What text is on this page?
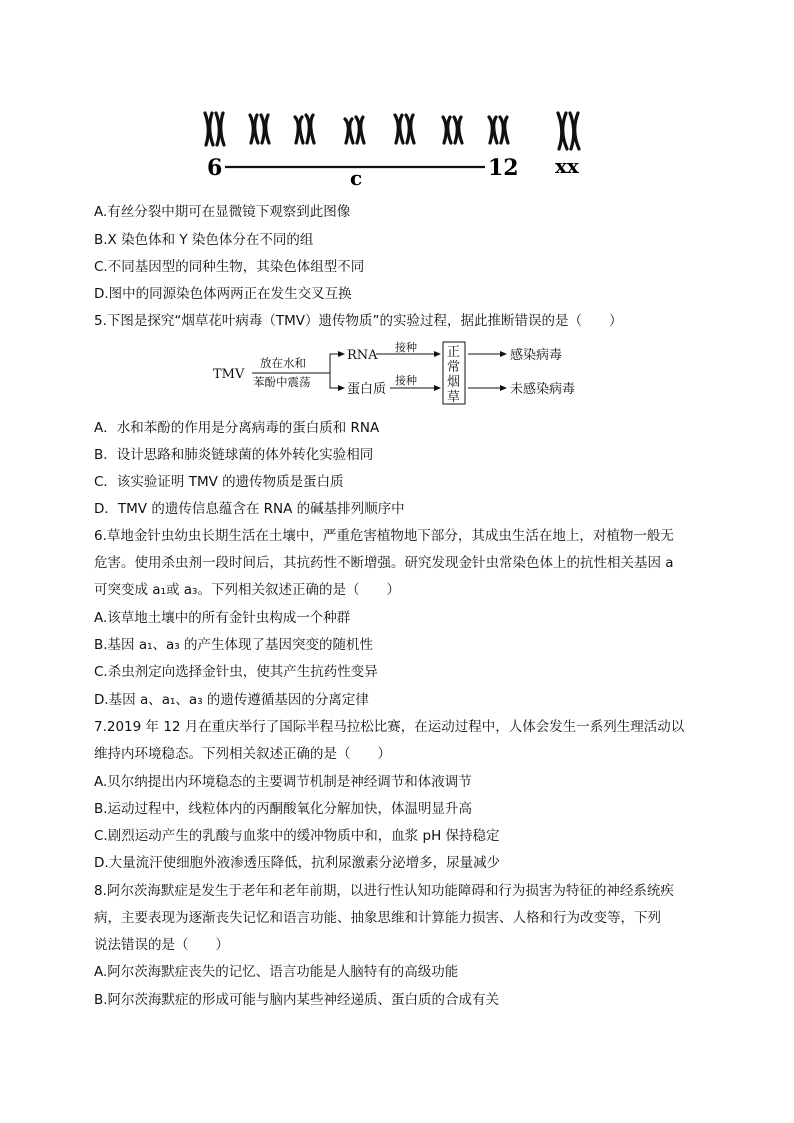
6	12
c	xx
A.有丝分裂中期可在显微镜下观察到此图像
B.X 染色体和 Y 染色体分在不同的组
C.不同基因型的同种生物，其染色体组型不同
D.图中的同源染色体两两正在发生交叉互换
5.下图是探究“烟草花叶病毒（TMV）遗传物质”的实验过程，据此推断错误的是（　　）
TMV
放在水和
苯酚中震荡
RNA
蛋白质
接种
接种
感染病毒
未感染病毒
正
常
烟
草
A．水和苯酚的作用是分离病毒的蛋白质和 RNA
B．设计思路和肺炎链球菌的体外转化实验相同
C．该实验证明 TMV 的遗传物质是蛋白质
D．TMV 的遗传信息蕴含在 RNA 的碱基排列顺序中
6.草地金针虫幼虫长期生活在土壤中，严重危害植物地下部分，其成虫生活在地上，对植物一般无
危害。使用杀虫剂一段时间后，其抗药性不断增强。研究发现金针虫常染色体上的抗性相关基因 a
可突变成 a₁或 a₃。下列相关叙述正确的是（　　）
A.该草地土壤中的所有金针虫构成一个种群
B.基因 a₁、a₃ 的产生体现了基因突变的随机性
C.杀虫剂定向选择金针虫，使其产生抗药性变异
D.基因 a、a₁、a₃ 的遗传遵循基因的分离定律
7.2019 年 12 月在重庆举行了国际半程马拉松比赛，在运动过程中，人体会发生一系列生理活动以
维持内环境稳态。下列相关叙述正确的是（　　）
A.贝尔纳提出内环境稳态的主要调节机制是神经调节和体液调节
B.运动过程中，线粒体内的丙酮酸氧化分解加快，体温明显升高
C.剧烈运动产生的乳酸与血浆中的缓冲物质中和，血浆 pH 保持稳定
D.大量流汗使细胞外液渗透压降低，抗利尿激素分泌增多，尿量减少
8.阿尔茨海默症是发生于老年和老年前期，以进行性认知功能障碍和行为损害为特征的神经系统疾
病，主要表现为逐渐丧失记忆和语言功能、抽象思维和计算能力损害、人格和行为改变等，下列
说法错误的是（　　）
A.阿尔茨海默症丧失的记忆、语言功能是人脑特有的高级功能
B.阿尔茨海默症的形成可能与脑内某些神经递质、蛋白质的合成有关
